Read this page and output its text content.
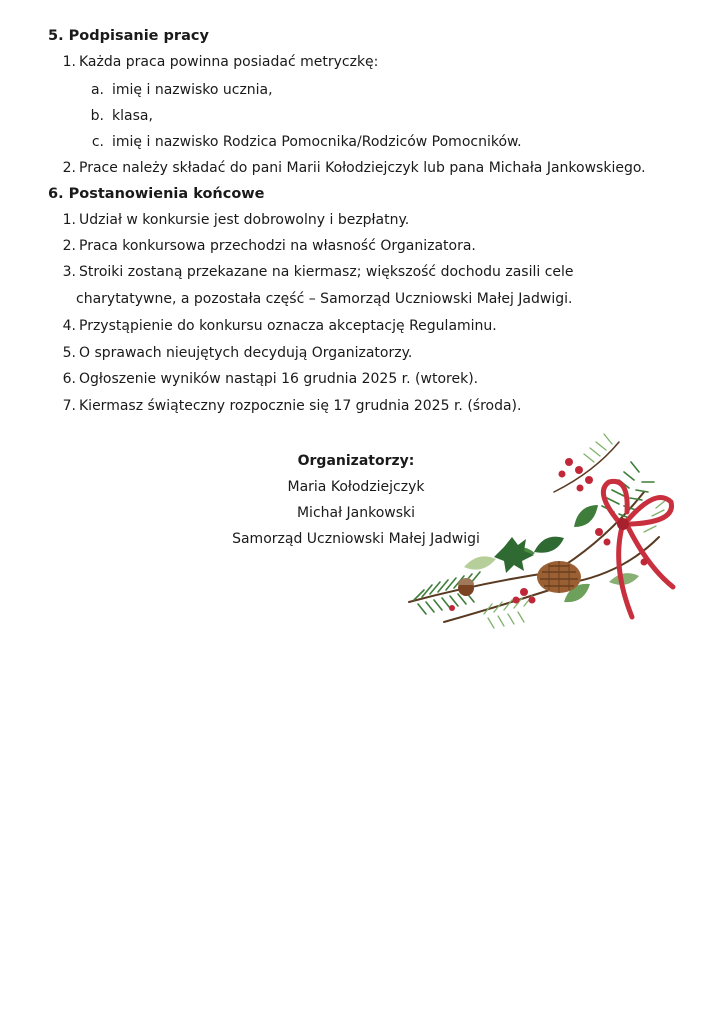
5. Podpisanie pracy
1. Każda praca powinna posiadać metryczkę:
a. imię i nazwisko ucznia,
b. klasa,
c. imię i nazwisko Rodzica Pomocnika/Rodziców Pomocników.
2. Prace należy składać do pani Marii Kołodziejczyk lub pana Michała Jankowskiego.
6. Postanowienia końcowe
1. Udział w konkursie jest dobrowolny i bezpłatny.
2. Praca konkursowa przechodzi na własność Organizatora.
3. Stroiki zostaną przekazane na kiermasz; większość dochodu zasili cele
charytatywne, a pozostała część – Samorząd Uczniowski Małej Jadwigi.
4. Przystąpienie do konkursu oznacza akceptację Regulaminu.
5. O sprawach nieujętych decydują Organizatorzy.
6. Ogłoszenie wyników nastąpi 16 grudnia 2025 r. (wtorek).
7. Kiermasz świąteczny rozpocznie się 17 grudnia 2025 r. (środa).
Organizatorzy:
Maria Kołodziejczyk
Michał Jankowski
Samorząd Uczniowski Małej Jadwigi
